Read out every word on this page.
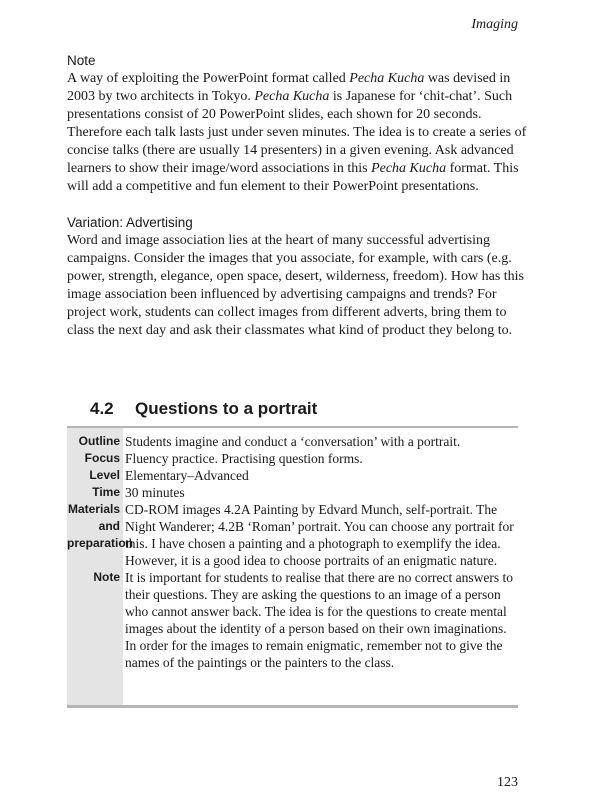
Imaging

Note

A way of exploiting the PowerPoint format called Pecha Kucha was devised in 2003 by two architects in Tokyo. Pecha Kucha is Japanese for ‘chit-chat’. Such presentations consist of 20 PowerPoint slides, each shown for 20 seconds. Therefore each talk lasts just under seven minutes. The idea is to create a series of concise talks (there are usually 14 presenters) in a given evening. Ask advanced learners to show their image/word associations in this Pecha Kucha format. This will add a competitive and fun element to their PowerPoint presentations.

Variation: Advertising

Word and image association lies at the heart of many successful advertising campaigns. Consider the images that you associate, for example, with cars (e.g. power, strength, elegance, open space, desert, wilderness, freedom). How has this image association been influenced by advertising campaigns and trends? For project work, students can collect images from different adverts, bring them to class the next day and ask their classmates what kind of product they belong to.

4.2 Questions to a portrait
Outline Students imagine and conduct a ‘conversation’ with a portrait.
Focus Fluency practice. Practising question forms.
Level Elementary–Advanced
Time 30 minutes
Materials
and
preparation
CD-ROM images 4.2A Painting by Edvard Munch, self-portrait. The Night Wanderer; 4.2B ‘Roman’ portrait. You can choose any portrait for this. I have chosen a painting and a photograph to exemplify the idea. However, it is a good idea to choose portraits of an enigmatic nature.
Note It is important for students to realise that there are no correct answers to their questions. They are asking the questions to an image of a person who cannot answer back. The idea is for the questions to create mental images about the identity of a person based on their own imaginations. In order for the images to remain enigmatic, remember not to give the names of the paintings or the painters to the class.
123
